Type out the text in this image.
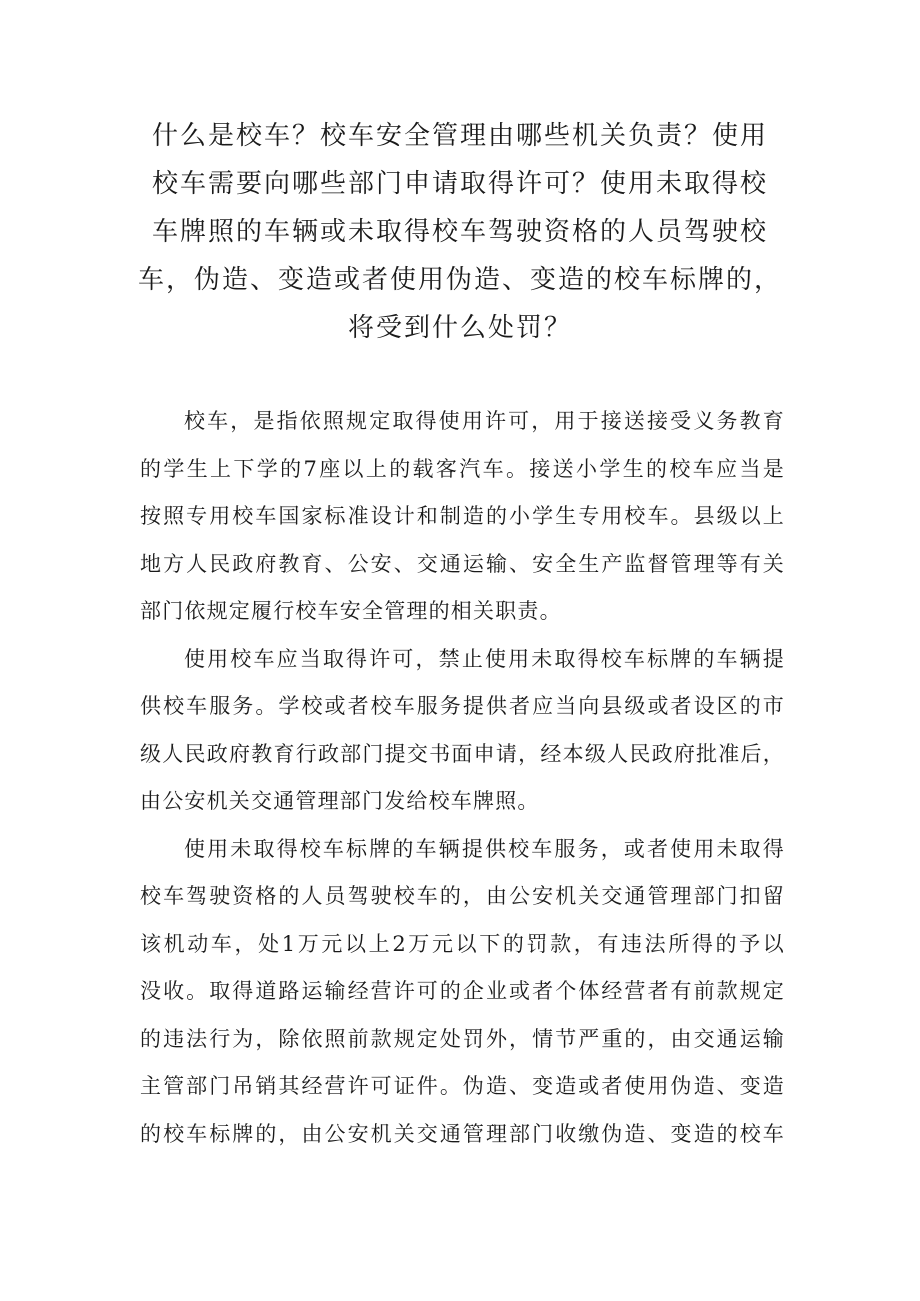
什么是校车？校车安全管理由哪些机关负责？使用
校车需要向哪些部门申请取得许可？使用未取得校
车牌照的车辆或未取得校车驾驶资格的人员驾驶校
车，伪造、变造或者使用伪造、变造的校车标牌的，
将受到什么处罚？

校车，是指依照规定取得使用许可，用于接送接受义务教育
的学生上下学的7座以上的载客汽车。接送小学生的校车应当是
按照专用校车国家标准设计和制造的小学生专用校车。县级以上
地方人民政府教育、公安、交通运输、安全生产监督管理等有关
部门依规定履行校车安全管理的相关职责。

使用校车应当取得许可，禁止使用未取得校车标牌的车辆提
供校车服务。学校或者校车服务提供者应当向县级或者设区的市
级人民政府教育行政部门提交书面申请，经本级人民政府批准后，
由公安机关交通管理部门发给校车牌照。

使用未取得校车标牌的车辆提供校车服务，或者使用未取得
校车驾驶资格的人员驾驶校车的，由公安机关交通管理部门扣留
该机动车，处1万元以上2万元以下的罚款，有违法所得的予以
没收。取得道路运输经营许可的企业或者个体经营者有前款规定
的违法行为，除依照前款规定处罚外，情节严重的，由交通运输
主管部门吊销其经营许可证件。伪造、变造或者使用伪造、变造
的校车标牌的，由公安机关交通管理部门收缴伪造、变造的校车
